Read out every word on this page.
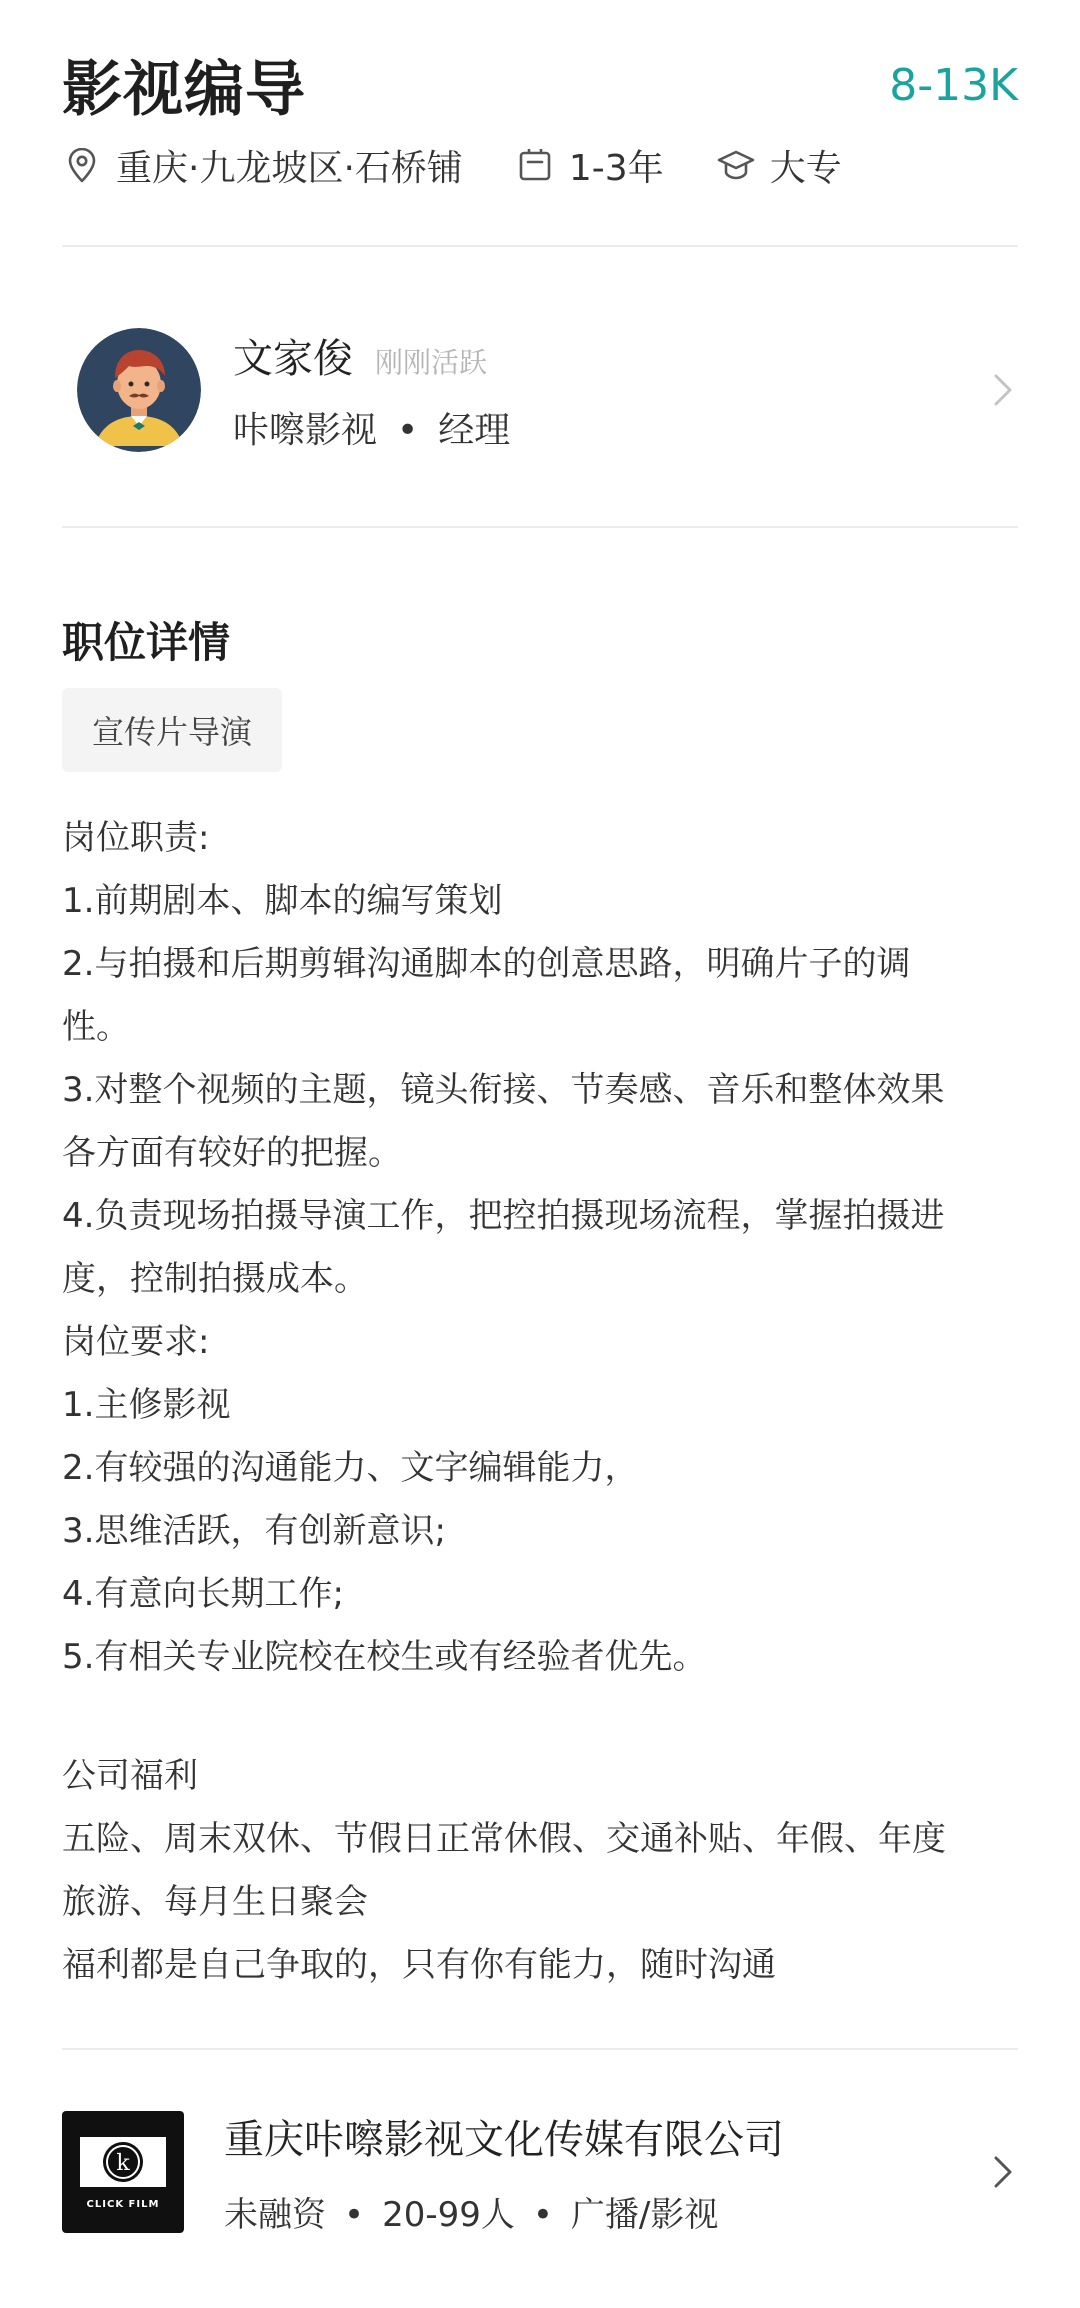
影视编导	8-13K
重庆·九龙坡区·石桥铺	1-3年	大专
文家俊 刚刚活跃
咔嚓影视 • 经理
职位详情
宣传片导演
岗位职责:
1.前期剧本、脚本的编写策划
2.与拍摄和后期剪辑沟通脚本的创意思路，明确片子的调
性。
3.对整个视频的主题，镜头衔接、节奏感、音乐和整体效果
各方面有较好的把握。
4.负责现场拍摄导演工作，把控拍摄现场流程，掌握拍摄进
度，控制拍摄成本。
岗位要求:
1.主修影视
2.有较强的沟通能力、文字编辑能力，
3.思维活跃，有创新意识;
4.有意向长期工作;
5.有相关专业院校在校生或有经验者优先。
公司福利
五险、周末双休、节假日正常休假、交通补贴、年假、年度
旅游、每月生日聚会
福利都是自己争取的，只有你有能力，随时沟通
k
CLICK FILM
重庆咔嚓影视文化传媒有限公司
未融资 • 20-99人 • 广播/影视
